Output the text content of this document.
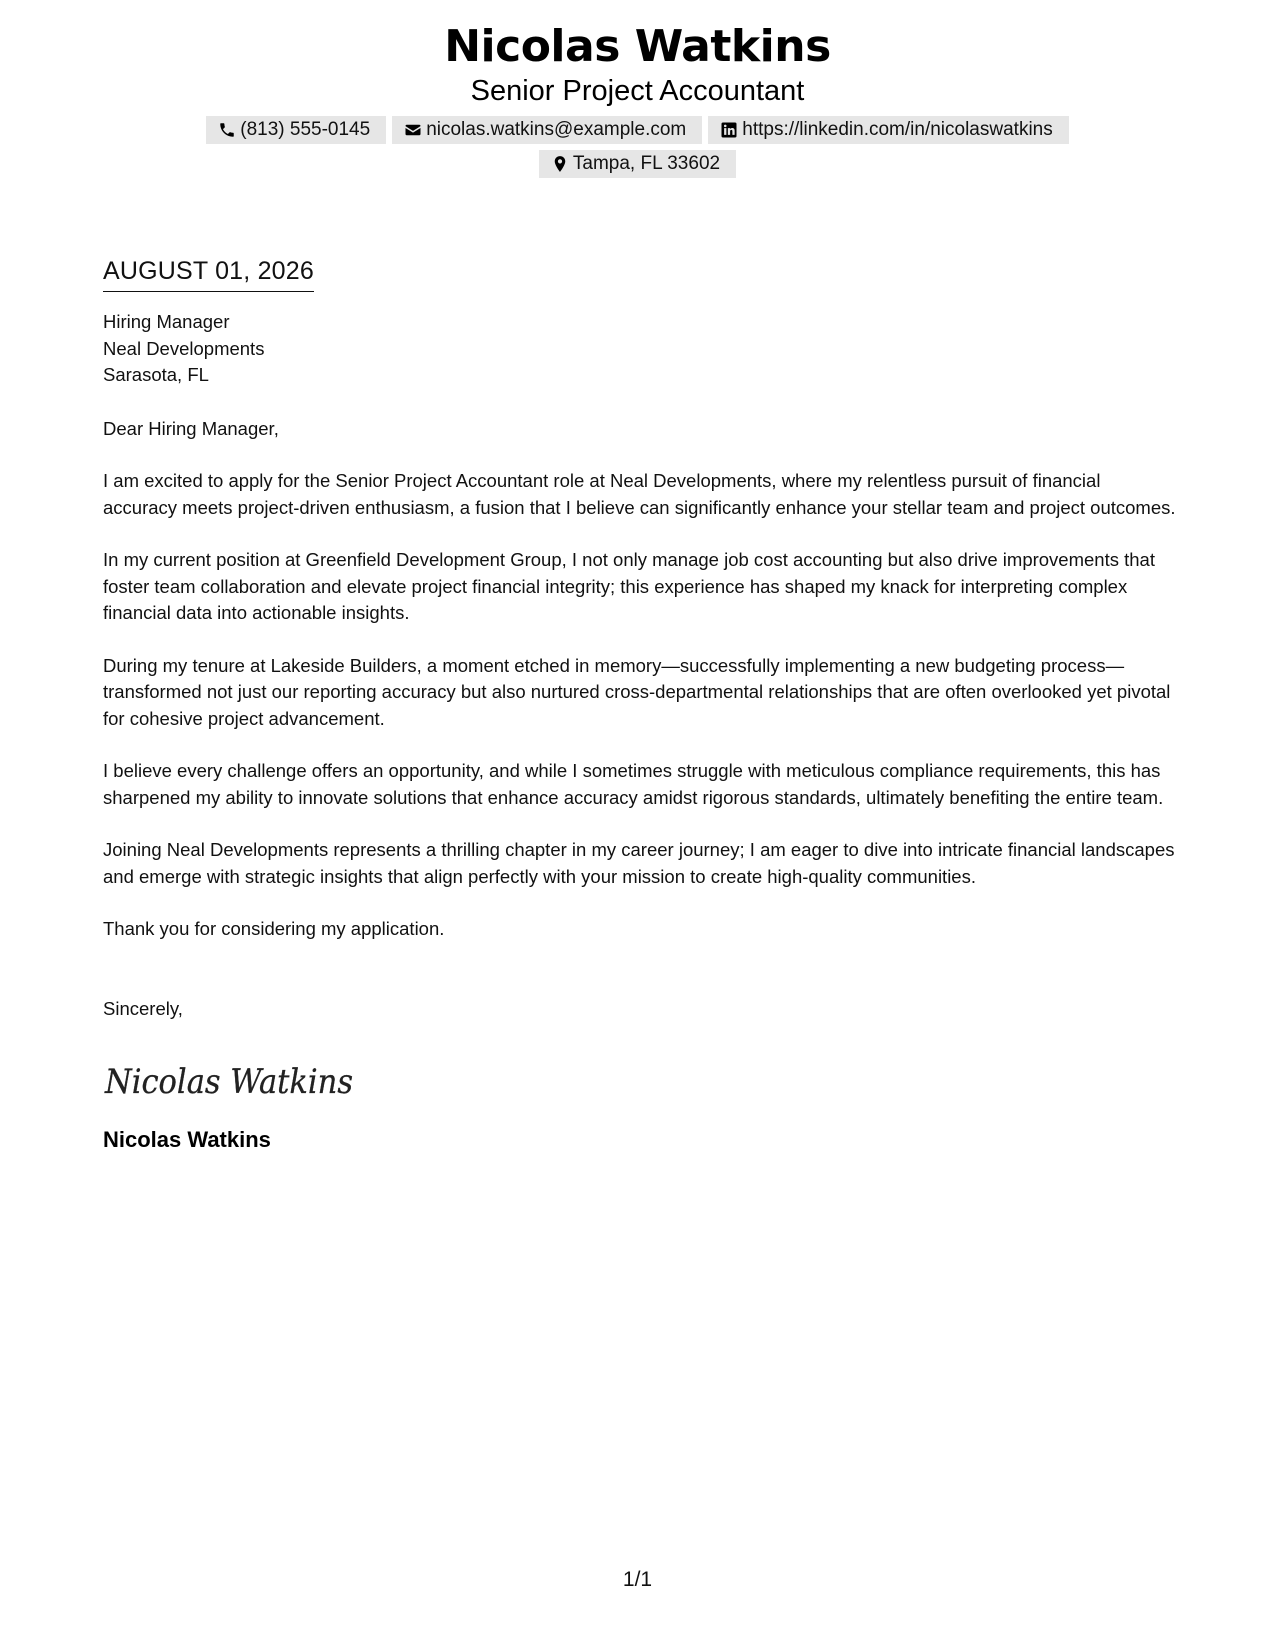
Nicolas Watkins
Senior Project Accountant
(813) 555-0145	nicolas.watkins@example.com	https://linkedin.com/in/nicolaswatkins
Tampa, FL 33602
AUGUST 01, 2026
Hiring Manager
Neal Developments
Sarasota, FL
Dear Hiring Manager,

I am excited to apply for the Senior Project Accountant role at Neal Developments, where my relentless pursuit of financial accuracy meets project-driven enthusiasm, a fusion that I believe can significantly enhance your stellar team and project outcomes.

In my current position at Greenfield Development Group, I not only manage job cost accounting but also drive improvements that foster team collaboration and elevate project financial integrity; this experience has shaped my knack for interpreting complex financial data into actionable insights.

During my tenure at Lakeside Builders, a moment etched in memory—successfully implementing a new budgeting process—transformed not just our reporting accuracy but also nurtured cross-departmental relationships that are often overlooked yet pivotal for cohesive project advancement.

I believe every challenge offers an opportunity, and while I sometimes struggle with meticulous compliance requirements, this has sharpened my ability to innovate solutions that enhance accuracy amidst rigorous standards, ultimately benefiting the entire team.

Joining Neal Developments represents a thrilling chapter in my career journey; I am eager to dive into intricate financial landscapes and emerge with strategic insights that align perfectly with your mission to create high-quality communities.

Thank you for considering my application.

Sincerely,
Nicolas Watkins
Nicolas Watkins
1/1
